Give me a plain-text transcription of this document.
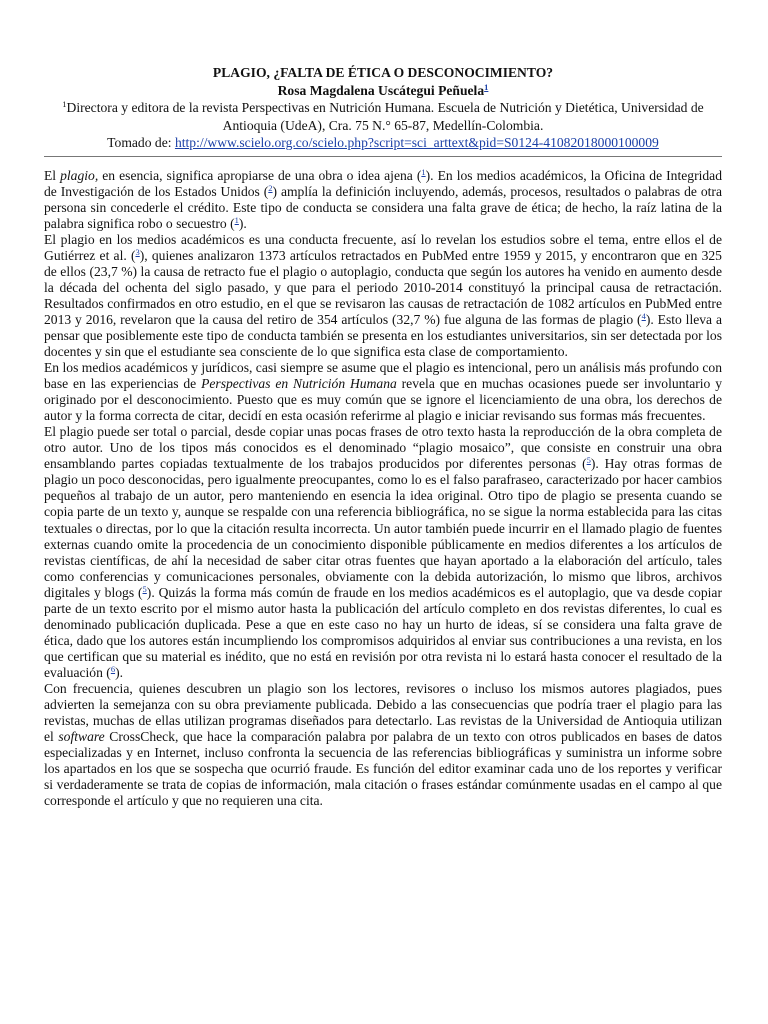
PLAGIO, ¿FALTA DE ÉTICA O DESCONOCIMIENTO?
Rosa Magdalena Uscátegui Peñuela$^1$
$^1$Directora y editora de la revista Perspectivas en Nutrición Humana. Escuela de Nutrición y Dietética, Universidad de Antioquia (UdeA), Cra. 75 N.° 65-87, Medellín-Colombia.
Tomado de: http://www.scielo.org.co/scielo.php?script=sci_arttext&pid=S0124-41082018000100009

El plagio, en esencia, significa apropiarse de una obra o idea ajena ($^1$). En los medios académicos, la Oficina de Integridad de Investigación de los Estados Unidos ($^2$) amplía la definición incluyendo, además, procesos, resultados o palabras de otra persona sin concederle el crédito. Este tipo de conducta se considera una falta grave de ética; de hecho, la raíz latina de la palabra significa robo o secuestro ($^1$).

El plagio en los medios académicos es una conducta frecuente, así lo revelan los estudios sobre el tema, entre ellos el de Gutiérrez et al. ($^3$), quienes analizaron 1373 artículos retractados en PubMed entre 1959 y 2015, y encontraron que en 325 de ellos (23,7 %) la causa de retracto fue el plagio o autoplagio, conducta que según los autores ha venido en aumento desde la década del ochenta del siglo pasado, y que para el periodo 2010-2014 constituyó la principal causa de retractación. Resultados confirmados en otro estudio, en el que se revisaron las causas de retractación de 1082 artículos en PubMed entre 2013 y 2016, revelaron que la causa del retiro de 354 artículos (32,7 %) fue alguna de las formas de plagio ($^4$). Esto lleva a pensar que posiblemente este tipo de conducta también se presenta en los estudiantes universitarios, sin ser detectada por los docentes y sin que el estudiante sea consciente de lo que significa esta clase de comportamiento.

En los medios académicos y jurídicos, casi siempre se asume que el plagio es intencional, pero un análisis más profundo con base en las experiencias de Perspectivas en Nutrición Humana revela que en muchas ocasiones puede ser involuntario y originado por el desconocimiento. Puesto que es muy común que se ignore el licenciamiento de una obra, los derechos de autor y la forma correcta de citar, decidí en esta ocasión referirme al plagio e iniciar revisando sus formas más frecuentes.

El plagio puede ser total o parcial, desde copiar unas pocas frases de otro texto hasta la reproducción de la obra completa de otro autor. Uno de los tipos más conocidos es el denominado “plagio mosaico”, que consiste en construir una obra ensamblando partes copiadas textualmente de los trabajos producidos por diferentes personas ($^5$). Hay otras formas de plagio un poco desconocidas, pero igualmente preocupantes, como lo es el falso parafraseo, caracterizado por hacer cambios pequeños al trabajo de un autor, pero manteniendo en esencia la idea original. Otro tipo de plagio se presenta cuando se copia parte de un texto y, aunque se respalde con una referencia bibliográfica, no se sigue la norma establecida para las citas textuales o directas, por lo que la citación resulta incorrecta. Un autor también puede incurrir en el llamado plagio de fuentes externas cuando omite la procedencia de un conocimiento disponible públicamente en medios diferentes a los artículos de revistas científicas, de ahí la necesidad de saber citar otras fuentes que hayan aportado a la elaboración del artículo, tales como conferencias y comunicaciones personales, obviamente con la debida autorización, lo mismo que libros, archivos digitales y blogs ($^5$). Quizás la forma más común de fraude en los medios académicos es el autoplagio, que va desde copiar parte de un texto escrito por el mismo autor hasta la publicación del artículo completo en dos revistas diferentes, lo cual es denominado publicación duplicada. Pese a que en este caso no hay un hurto de ideas, sí se considera una falta grave de ética, dado que los autores están incumpliendo los compromisos adquiridos al enviar sus contribuciones a una revista, en los que certifican que su material es inédito, que no está en revisión por otra revista ni lo estará hasta conocer el resultado de la evaluación ($^6$).

Con frecuencia, quienes descubren un plagio son los lectores, revisores o incluso los mismos autores plagiados, pues advierten la semejanza con su obra previamente publicada. Debido a las consecuencias que podría traer el plagio para las revistas, muchas de ellas utilizan programas diseñados para detectarlo. Las revistas de la Universidad de Antioquia utilizan el software CrossCheck, que hace la comparación palabra por palabra de un texto con otros publicados en bases de datos especializadas y en Internet, incluso confronta la secuencia de las referencias bibliográficas y suministra un informe sobre los apartados en los que se sospecha que ocurrió fraude. Es función del editor examinar cada uno de los reportes y verificar si verdaderamente se trata de copias de información, mala citación o frases estándar comúnmente usadas en el campo al que corresponde el artículo y que no requieren una cita.
